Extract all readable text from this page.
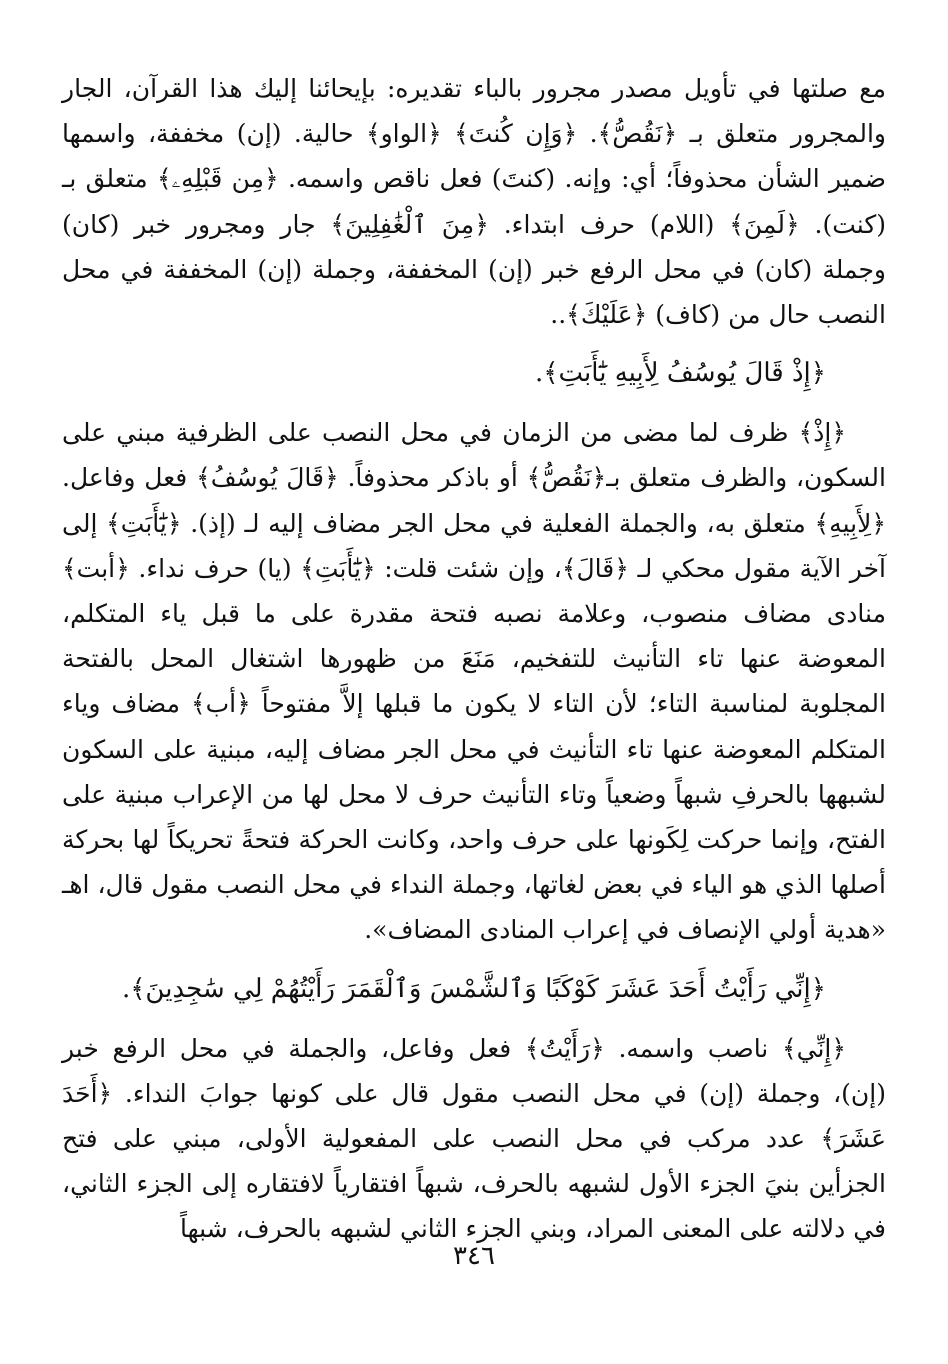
مع صلتها في تأويل مصدر مجرور بالباء تقديره: بإيحائنا إليك هذا القرآن، الجار والمجرور متعلق بـ ﴿نَقُصُّ﴾. ﴿وَإِن كُنتَ﴾ ﴿الواو﴾ حالية. (إن) مخففة، واسمها ضمير الشأن محذوفاً؛ أي: وإنه. (كنتَ) فعل ناقص واسمه. ﴿مِن قَبْلِهِۦ﴾ متعلق بـ (كنت). ﴿لَمِنَ﴾ (اللام) حرف ابتداء. ﴿مِنَ ٱلْغَٰفِلِينَ﴾ جار ومجرور خبر (كان) وجملة (كان) في محل الرفع خبر (إن) المخففة، وجملة (إن) المخففة في محل النصب حال من (كاف) ﴿عَلَيْكَ﴾..

﴿إِذْ قَالَ يُوسُفُ لِأَبِيهِ يَٰٓأَبَتِ﴾.

﴿إِذْ﴾ ظرف لما مضى من الزمان في محل النصب على الظرفية مبني على السكون، والظرف متعلق بـ﴿نَقُصُّ﴾ أو باذكر محذوفاً. ﴿قَالَ يُوسُفُ﴾ فعل وفاعل. ﴿لِأَبِيهِ﴾ متعلق به، والجملة الفعلية في محل الجر مضاف إليه لـ (إذ). ﴿يَٰٓأَبَتِ﴾ إلى آخر الآية مقول محكي لـ ﴿قَالَ﴾، وإن شئت قلت: ﴿يَٰٓأَبَتِ﴾ (يا) حرف نداء. ﴿أبت﴾ منادى مضاف منصوب، وعلامة نصبه فتحة مقدرة على ما قبل ياء المتكلم، المعوضة عنها تاء التأنيث للتفخيم، مَنَعَ من ظهورها اشتغال المحل بالفتحة المجلوبة لمناسبة التاء؛ لأن التاء لا يكون ما قبلها إلاَّ مفتوحاً ﴿أب﴾ مضاف وياء المتكلم المعوضة عنها تاء التأنيث في محل الجر مضاف إليه، مبنية على السكون لشبهها بالحرفِ شبهاً وضعياً وتاء التأنيث حرف لا محل لها من الإعراب مبنية على الفتح، وإنما حركت لِكَونها على حرف واحد، وكانت الحركة فتحةً تحريكاً لها بحركة أصلها الذي هو الياء في بعض لغاتها، وجملة النداء في محل النصب مقول قال، اهـ «هدية أولي الإنصاف في إعراب المنادى المضاف».

﴿إِنِّي رَأَيْتُ أَحَدَ عَشَرَ كَوْكَبًا وَٱلشَّمْسَ وَٱلْقَمَرَ رَأَيْتُهُمْ لِي سَٰجِدِينَ﴾.

﴿إِنِّي﴾ ناصب واسمه. ﴿رَأَيْتُ﴾ فعل وفاعل، والجملة في محل الرفع خبر (إن)، وجملة (إن) في محل النصب مقول قال على كونها جوابَ النداء. ﴿أَحَدَ عَشَرَ﴾ عدد مركب في محل النصب على المفعولية الأولى، مبني على فتح الجزأين بنيَ الجزء الأول لشبهه بالحرف، شبهاً افتقارياً لافتقاره إلى الجزء الثاني، في دلالته على المعنى المراد، وبني الجزء الثاني لشبهه بالحرف، شبهاً

٣٤٦
